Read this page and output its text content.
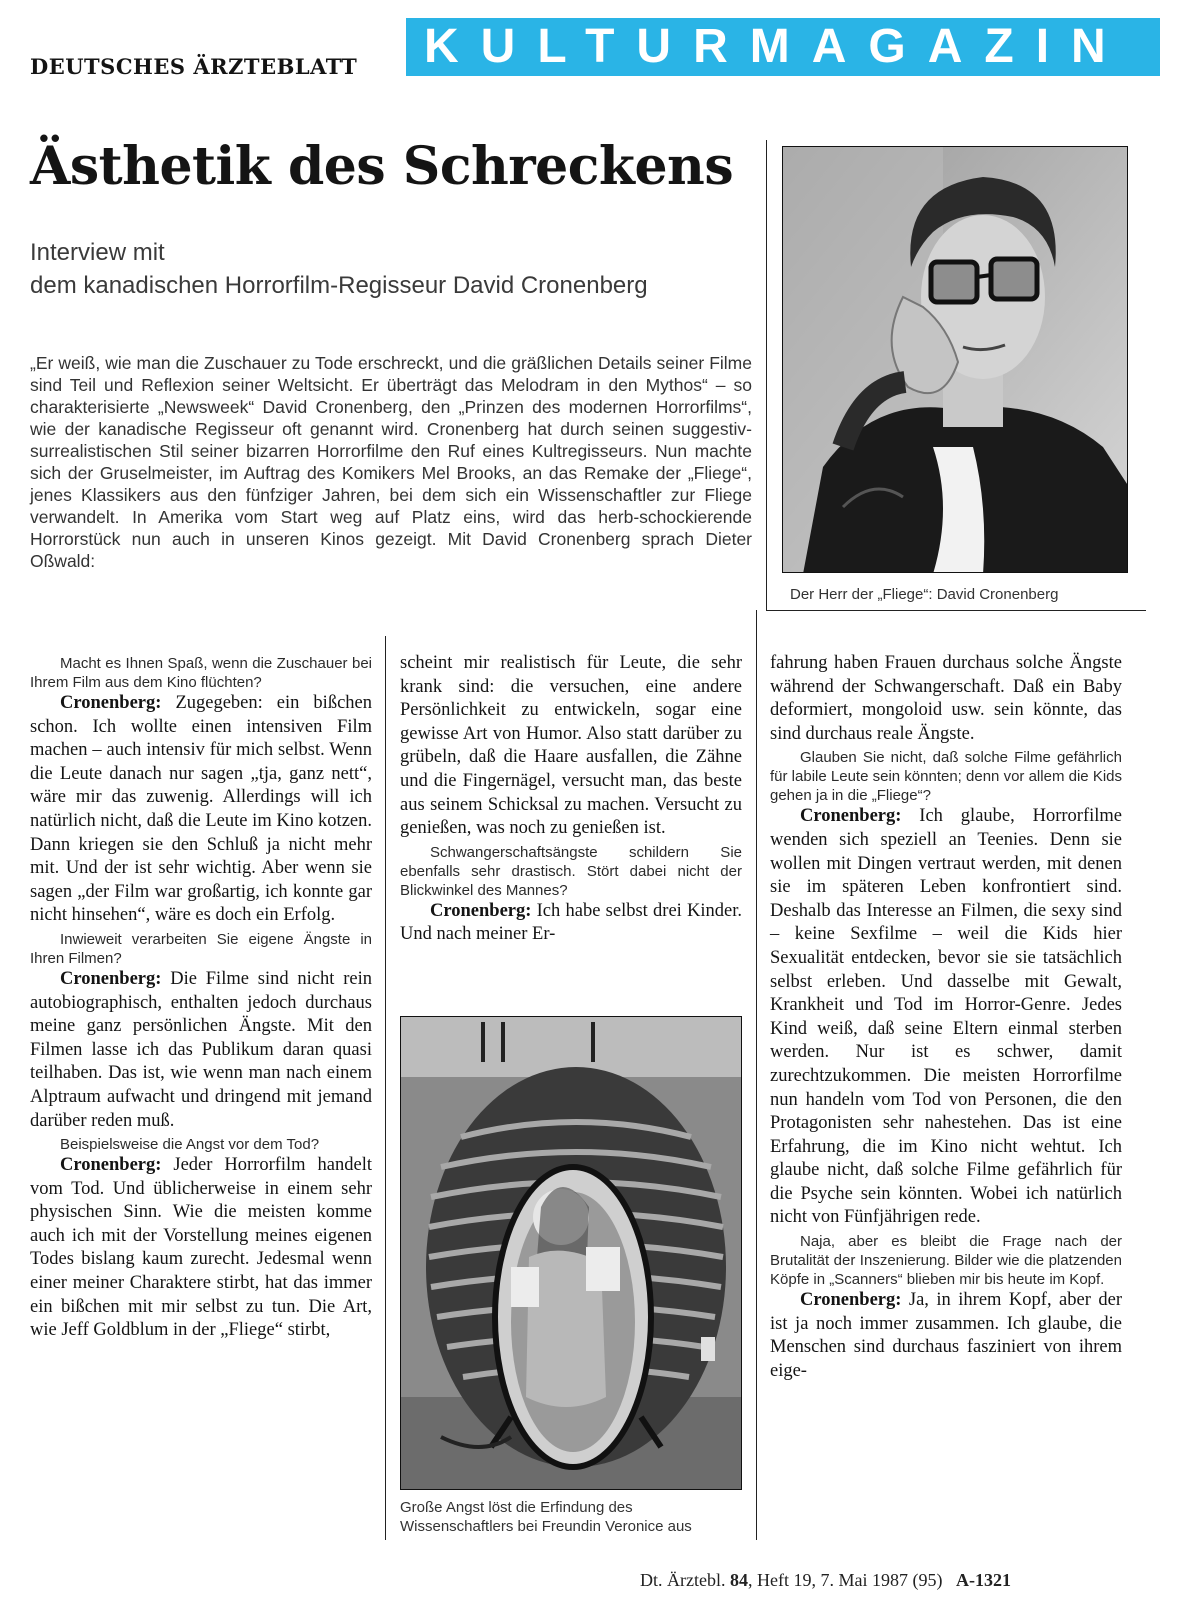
DEUTSCHES ÄRZTEBLATT	KULTURMAGAZIN
Ästhetik des Schreckens
Interview mit
dem kanadischen Horrorfilm-Regisseur David Cronenberg
„Er weiß, wie man die Zuschauer zu Tode erschreckt, und die gräßlichen Details seiner Filme sind Teil und Reflexion seiner Weltsicht. Er überträgt das Melodram in den Mythos“ – so charakterisierte „Newsweek“ David Cronenberg, den „Prinzen des modernen Horrorfilms“, wie der kanadische Regisseur oft genannt wird. Cronenberg hat durch seinen suggestiv-surrealistischen Stil seiner bizarren Horrorfilme den Ruf eines Kultregisseurs. Nun machte sich der Gruselmeister, im Auftrag des Komikers Mel Brooks, an das Remake der „Fliege“, jenes Klassikers aus den fünfziger Jahren, bei dem sich ein Wissenschaftler zur Fliege verwandelt. In Amerika vom Start weg auf Platz eins, wird das herb-schockierende Horrorstück nun auch in unseren Kinos gezeigt. Mit David Cronenberg sprach Dieter Oßwald:
Der Herr der „Fliege“: David Cronenberg

Macht es Ihnen Spaß, wenn die Zuschauer bei Ihrem Film aus dem Kino flüchten?

Cronenberg: Zugegeben: ein bißchen schon. Ich wollte einen intensiven Film machen – auch intensiv für mich selbst. Wenn die Leute danach nur sagen „tja, ganz nett“, wäre mir das zuwenig. Allerdings will ich natürlich nicht, daß die Leute im Kino kotzen. Dann kriegen sie den Schluß ja nicht mehr mit. Und der ist sehr wichtig. Aber wenn sie sagen „der Film war großartig, ich konnte gar nicht hinsehen“, wäre es doch ein Erfolg.

Inwieweit verarbeiten Sie eigene Ängste in Ihren Filmen?

Cronenberg: Die Filme sind nicht rein autobiographisch, enthalten jedoch durchaus meine ganz persönlichen Ängste. Mit den Filmen lasse ich das Publikum daran quasi teilhaben. Das ist, wie wenn man nach einem Alptraum aufwacht und dringend mit jemand darüber reden muß.

Beispielsweise die Angst vor dem Tod?

Cronenberg: Jeder Horrorfilm handelt vom Tod. Und üblicherweise in einem sehr physischen Sinn. Wie die meisten komme auch ich mit der Vorstellung meines eigenen Todes bislang kaum zurecht. Jedesmal wenn einer meiner Charaktere stirbt, hat das immer ein bißchen mit mir selbst zu tun. Die Art, wie Jeff Goldblum in der „Fliege“ stirbt,

scheint mir realistisch für Leute, die sehr krank sind: die versuchen, eine andere Persönlichkeit zu entwickeln, sogar eine gewisse Art von Humor. Also statt darüber zu grübeln, daß die Haare ausfallen, die Zähne und die Fingernägel, versucht man, das beste aus seinem Schicksal zu machen. Versucht zu genießen, was noch zu genießen ist.

Schwangerschaftsängste schildern Sie ebenfalls sehr drastisch. Stört dabei nicht der Blickwinkel des Mannes?

Cronenberg: Ich habe selbst drei Kinder. Und nach meiner Er-

Große Angst löst die Erfindung des Wissenschaftlers bei Freundin Veronice aus

fahrung haben Frauen durchaus solche Ängste während der Schwangerschaft. Daß ein Baby deformiert, mongoloid usw. sein könnte, das sind durchaus reale Ängste.

Glauben Sie nicht, daß solche Filme gefährlich für labile Leute sein könnten; denn vor allem die Kids gehen ja in die „Fliege“?

Cronenberg: Ich glaube, Horrorfilme wenden sich speziell an Teenies. Denn sie wollen mit Dingen vertraut werden, mit denen sie im späteren Leben konfrontiert sind. Deshalb das Interesse an Filmen, die sexy sind – keine Sexfilme – weil die Kids hier Sexualität entdecken, bevor sie sie tatsächlich selbst erleben. Und dasselbe mit Gewalt, Krankheit und Tod im Horror-Genre. Jedes Kind weiß, daß seine Eltern einmal sterben werden. Nur ist es schwer, damit zurechtzukommen. Die meisten Horrorfilme nun handeln vom Tod von Personen, die den Protagonisten sehr nahestehen. Das ist eine Erfahrung, die im Kino nicht wehtut. Ich glaube nicht, daß solche Filme gefährlich für die Psyche sein könnten. Wobei ich natürlich nicht von Fünfjährigen rede.

Naja, aber es bleibt die Frage nach der Brutalität der Inszenierung. Bilder wie die platzenden Köpfe in „Scanners“ blieben mir bis heute im Kopf.

Cronenberg: Ja, in ihrem Kopf, aber der ist ja noch immer zusammen. Ich glaube, die Menschen sind durchaus fasziniert von ihrem eige-

Dt. Ärztebl. 84, Heft 19, 7. Mai 1987 (95) A-1321
